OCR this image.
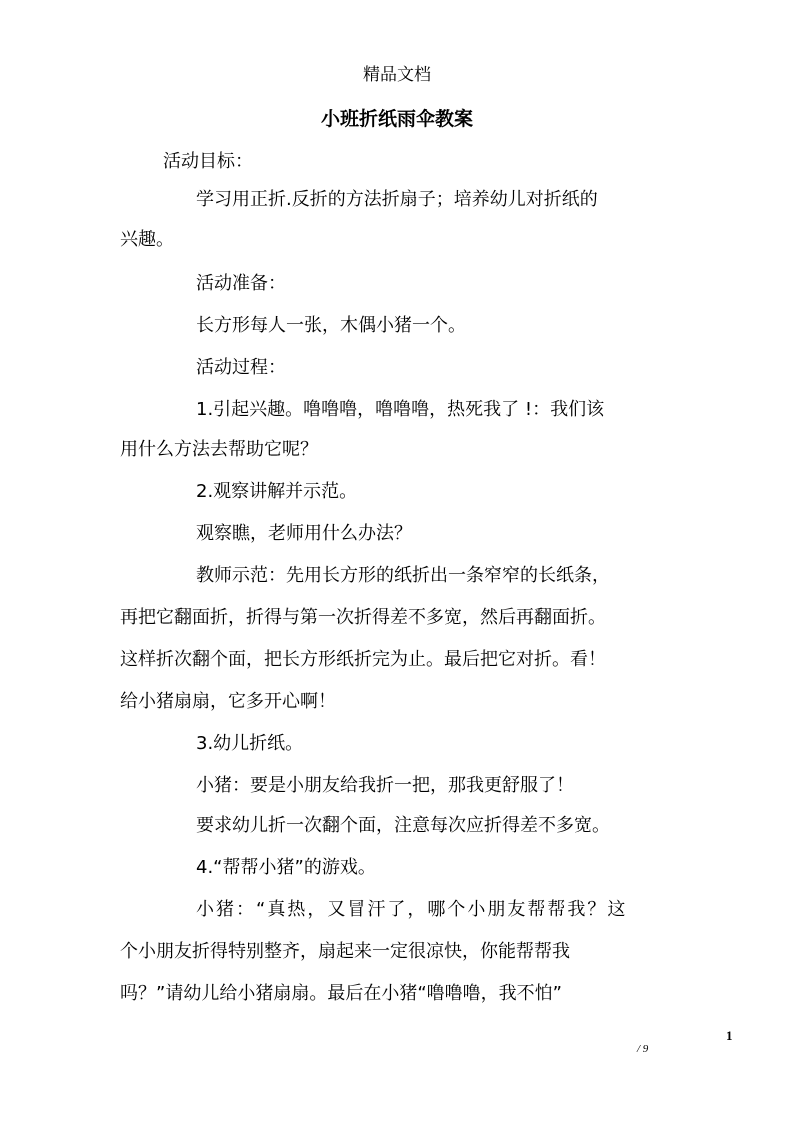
精品文档
小班折纸雨伞教案
活动目标：
学习用正折.反折的方法折扇子；培养幼儿对折纸的
兴趣。
活动准备：
长方形每人一张，木偶小猪一个。
活动过程：
1.引起兴趣。噜噜噜，噜噜噜，热死我了 !：我们该
用什么方法去帮助它呢？
2.观察讲解并示范。
观察瞧，老师用什么办法？
教师示范：先用长方形的纸折出一条窄窄的长纸条，
再把它翻面折，折得与第一次折得差不多宽，然后再翻面折。
这样折次翻个面，把长方形纸折完为止。最后把它对折。看！
给小猪扇扇，它多开心啊！
3.幼儿折纸。
小猪：要是小朋友给我折一把，那我更舒服了！
要求幼儿折一次翻个面，注意每次应折得差不多宽。
4.“帮帮小猪”的游戏。
小猪：“真热，又冒汗了，哪个小朋友帮帮我？这
个小朋友折得特别整齐，扇起来一定很凉快，你能帮帮我
吗？”请幼儿给小猪扇扇。最后在小猪“噜噜噜，我不怕”
1
/ 9
